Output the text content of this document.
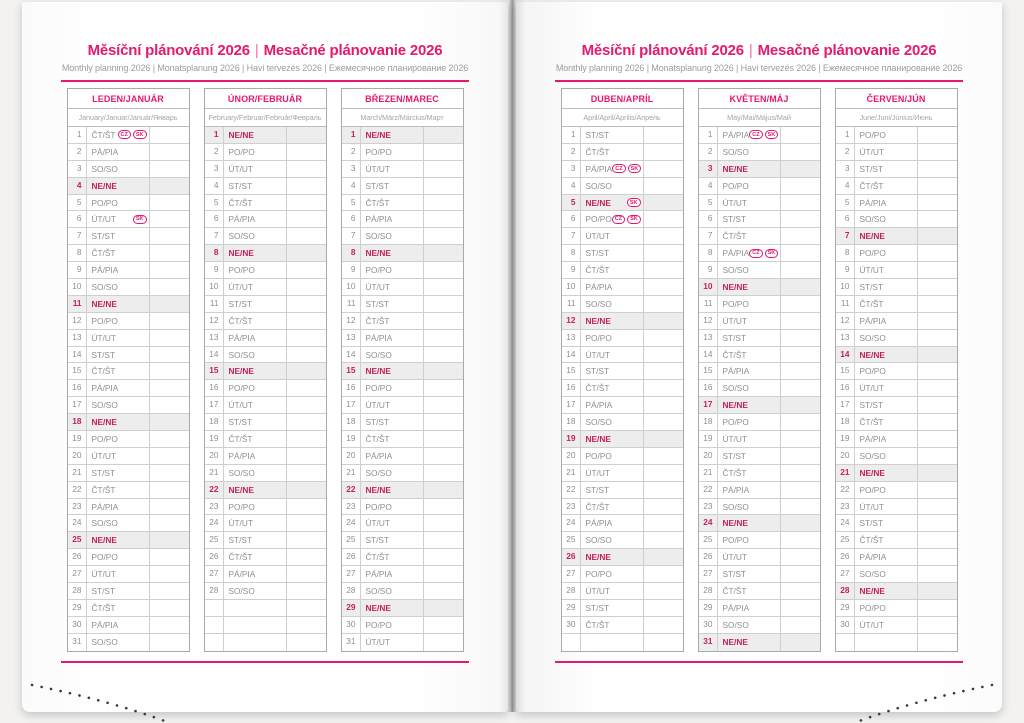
Měsíční plánování 2026 | Mesačné plánovanie 2026
Monthly planning 2026 | Monatsplanung 2026 | Havi tervezés 2026 | Ежемесячное планирование 2026
LEDEN/JANUÁR
January/Januar/Január/Январь
1	ČT/ŠT CZ	SK
2	PÁ/PIA
3	SO/SO
4	NE/NE
5	PO/PO
6	ÚT/UT	SK
7	ST/ST
8	ČT/ŠT
9	PÁ/PIA
10	SO/SO
11	NE/NE
12	PO/PO
13	ÚT/UT
14	ST/ST
15	ČT/ŠT
16	PÁ/PIA
17	SO/SO
18	NE/NE
19	PO/PO
20	ÚT/UT
21	ST/ST
22	ČT/ŠT
23	PÁ/PIA
24	SO/SO
25	NE/NE
26	PO/PO
27	ÚT/UT
28	ST/ST
29	ČT/ŠT
30	PÁ/PIA
31	SO/SO
ÚNOR/FEBRUÁR
February/Februar/Február/Февраль
1	NE/NE
2	PO/PO
3	ÚT/UT
4	ST/ST
5	ČT/ŠT
6	PÁ/PIA
7	SO/SO
8	NE/NE
9	PO/PO
10	ÚT/UT
11	ST/ST
12	ČT/ŠT
13	PÁ/PIA
14	SO/SO
15	NE/NE
16	PO/PO
17	ÚT/UT
18	ST/ST
19	ČT/ŠT
20	PÁ/PIA
21	SO/SO
22	NE/NE
23	PO/PO
24	ÚT/UT
25	ST/ST
26	ČT/ŠT
27	PÁ/PIA
28	SO/SO
BŘEZEN/MAREC
March/März/Március/Март
1	NE/NE
2	PO/PO
3	ÚT/UT
4	ST/ST
5	ČT/ŠT
6	PÁ/PIA
7	SO/SO
8	NE/NE
9	PO/PO
10	ÚT/UT
11	ST/ST
12	ČT/ŠT
13	PÁ/PIA
14	SO/SO
15	NE/NE
16	PO/PO
17	ÚT/UT
18	ST/ST
19	ČT/ŠT
20	PÁ/PIA
21	SO/SO
22	NE/NE
23	PO/PO
24	ÚT/UT
25	ST/ST
26	ČT/ŠT
27	PÁ/PIA
28	SO/SO
29	NE/NE
30	PO/PO
31	ÚT/UT
Měsíční plánování 2026 | Mesačné plánovanie 2026
Monthly planning 2026 | Monatsplanung 2026 | Havi tervezés 2026 | Ежемесячное планирование 2026
DUBEN/APRÍL
April/April/Április/Апрель
1	ST/ST
2	ČT/ŠT
3	PÁ/PIA CZ	SK
4	SO/SO
5	NE/NE	SK
6	PO/PO CZ	SK
7	ÚT/UT
8	ST/ST
9	ČT/ŠT
10	PÁ/PIA
11	SO/SO
12	NE/NE
13	PO/PO
14	ÚT/UT
15	ST/ST
16	ČT/ŠT
17	PÁ/PIA
18	SO/SO
19	NE/NE
20	PO/PO
21	ÚT/UT
22	ST/ST
23	ČT/ŠT
24	PÁ/PIA
25	SO/SO
26	NE/NE
27	PO/PO
28	ÚT/UT
29	ST/ST
30	ČT/ŠT
KVĚTEN/MÁJ
May/Mai/Május/Май
1	PÁ/PIA CZ	SK
2	SO/SO
3	NE/NE
4	PO/PO
5	ÚT/UT
6	ST/ST
7	ČT/ŠT
8	PÁ/PIA CZ	SK
9	SO/SO
10	NE/NE
11	PO/PO
12	ÚT/UT
13	ST/ST
14	ČT/ŠT
15	PÁ/PIA
16	SO/SO
17	NE/NE
18	PO/PO
19	ÚT/UT
20	ST/ST
21	ČT/ŠT
22	PÁ/PIA
23	SO/SO
24	NE/NE
25	PO/PO
26	ÚT/UT
27	ST/ST
28	ČT/ŠT
29	PÁ/PIA
30	SO/SO
31	NE/NE
ČERVEN/JÚN
June/Juni/Június/Июнь
1	PO/PO
2	ÚT/UT
3	ST/ST
4	ČT/ŠT
5	PÁ/PIA
6	SO/SO
7	NE/NE
8	PO/PO
9	ÚT/UT
10	ST/ST
11	ČT/ŠT
12	PÁ/PIA
13	SO/SO
14	NE/NE
15	PO/PO
16	ÚT/UT
17	ST/ST
18	ČT/ŠT
19	PÁ/PIA
20	SO/SO
21	NE/NE
22	PO/PO
23	ÚT/UT
24	ST/ST
25	ČT/ŠT
26	PÁ/PIA
27	SO/SO
28	NE/NE
29	PO/PO
30	ÚT/UT
